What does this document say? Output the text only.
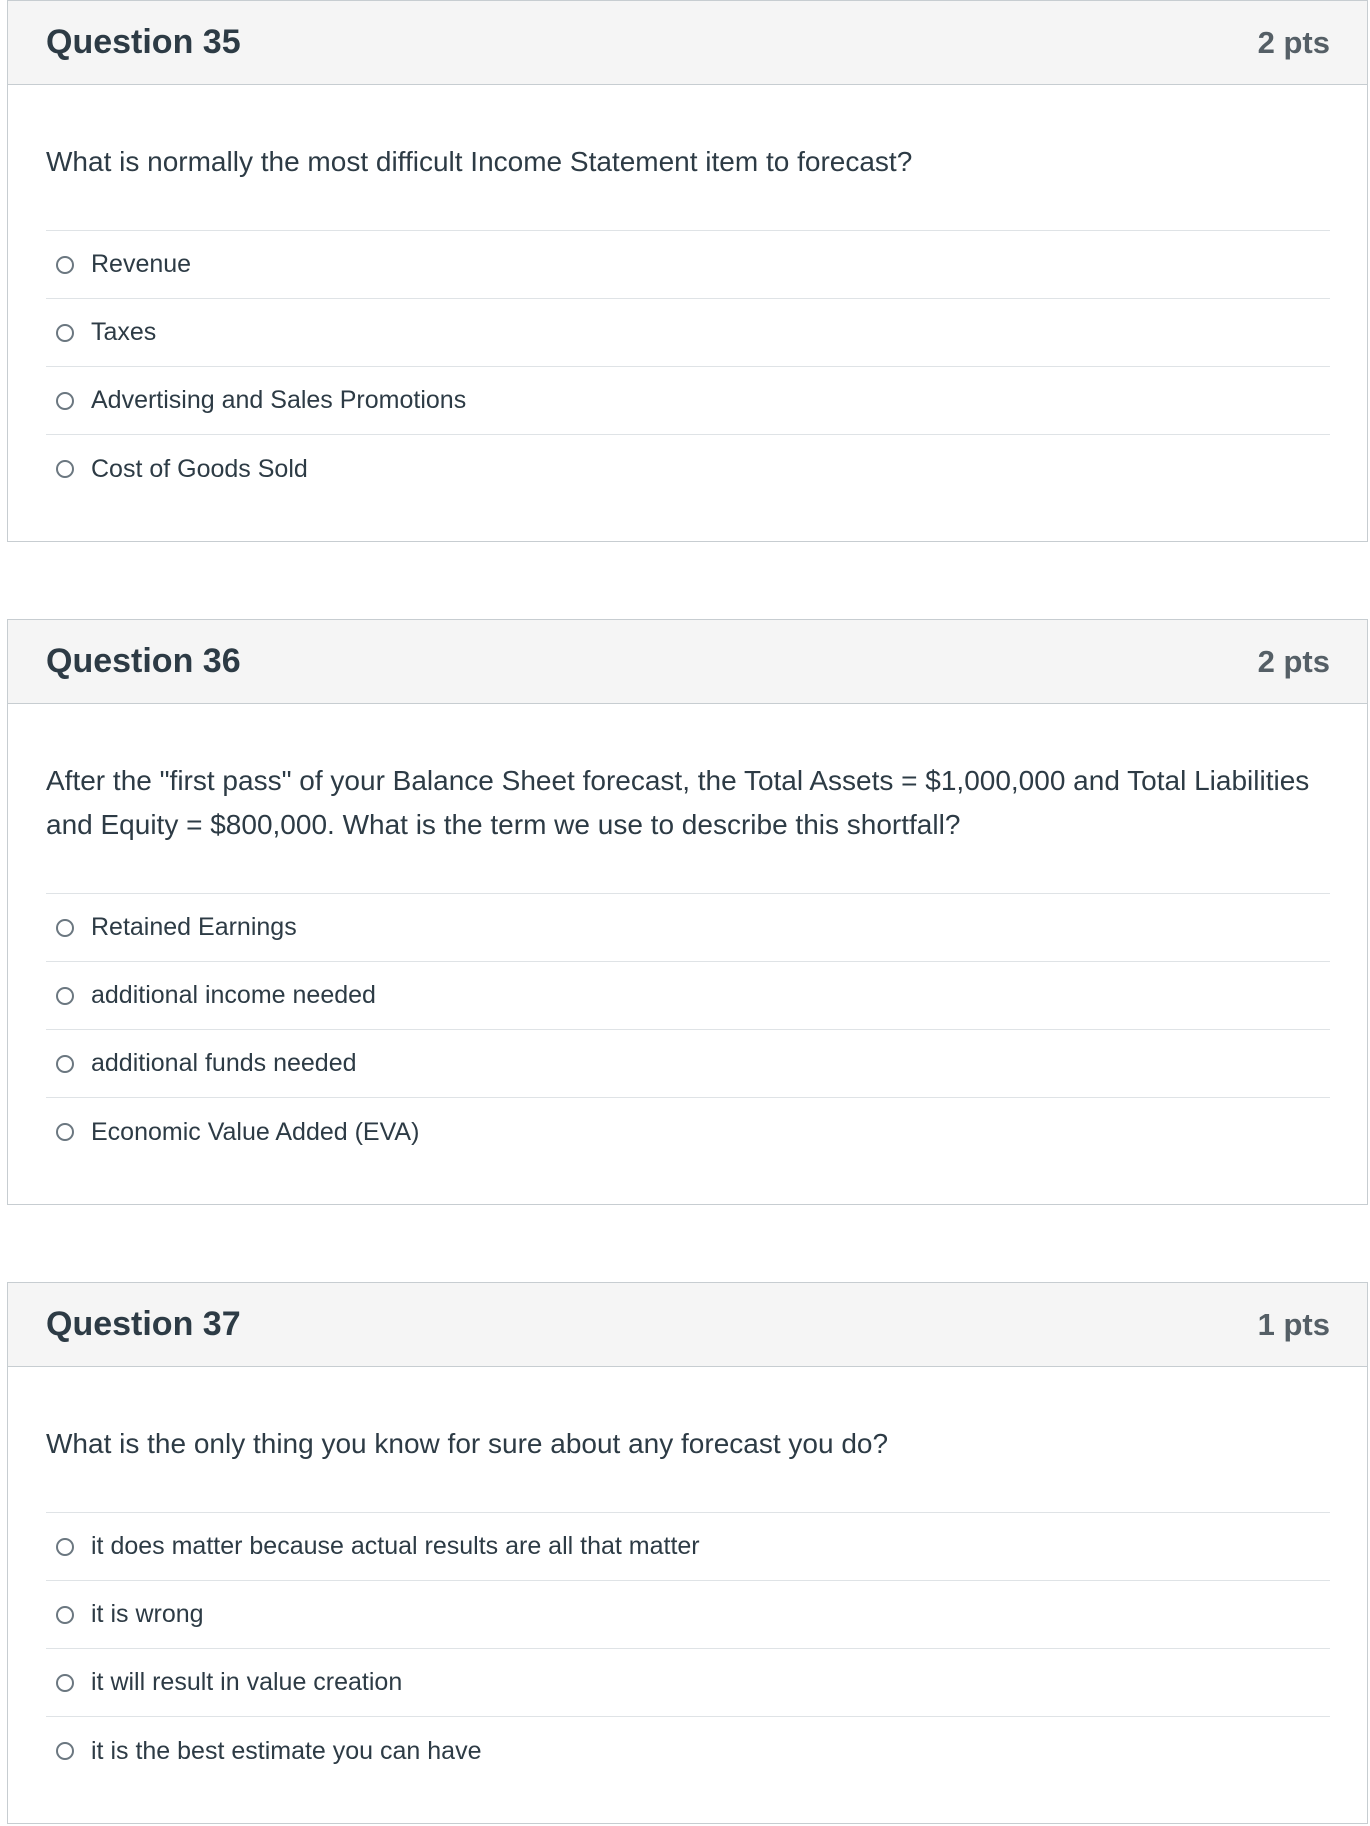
Question 35	2 pts

What is normally the most difficult Income Statement item to forecast?

Revenue
Taxes
Advertising and Sales Promotions
Cost of Goods Sold
Question 36	2 pts

After the "first pass" of your Balance Sheet forecast, the Total Assets = $1,000,000 and Total Liabilities and Equity = $800,000. What is the term we use to describe this shortfall?

Retained Earnings
additional income needed
additional funds needed
Economic Value Added (EVA)
Question 37	1 pts

What is the only thing you know for sure about any forecast you do?

it does matter because actual results are all that matter
it is wrong
it will result in value creation
it is the best estimate you can have
